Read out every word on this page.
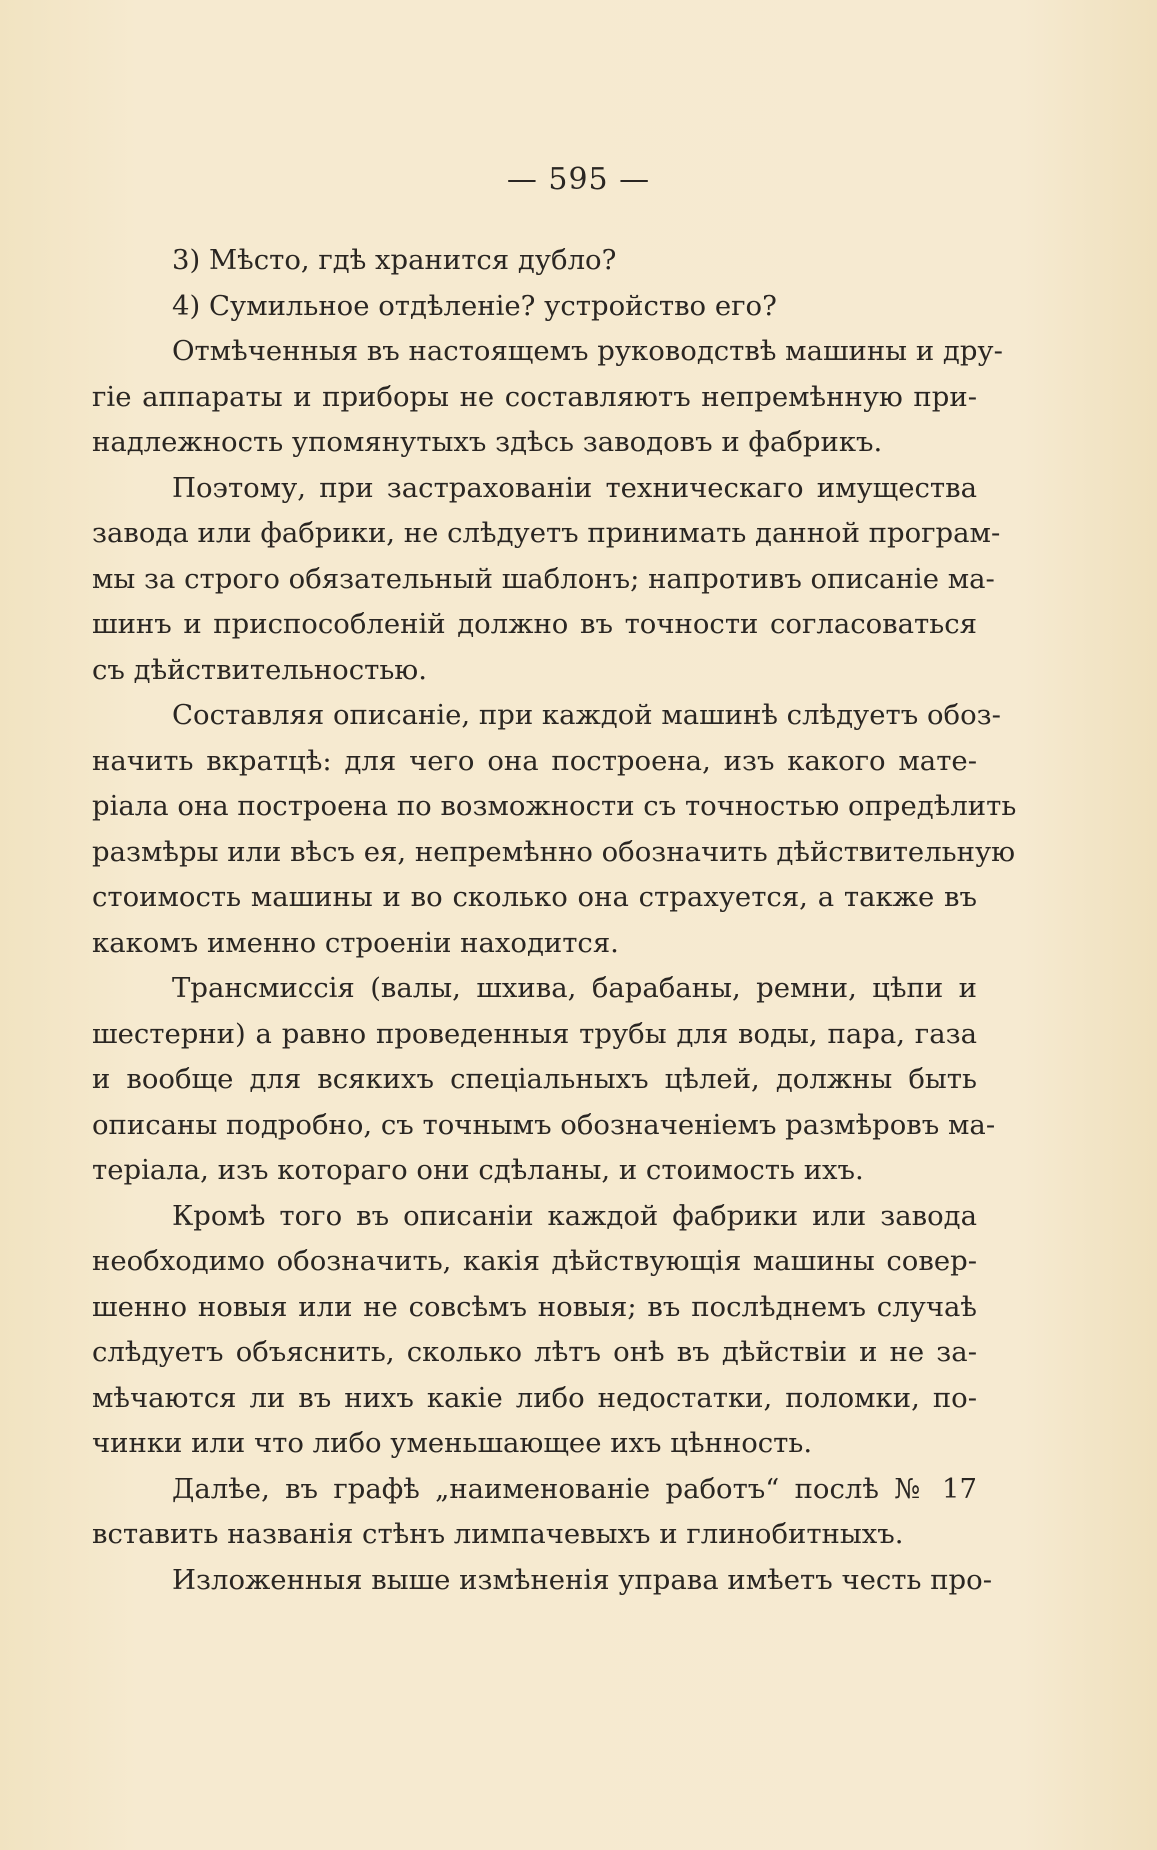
— 595 —
3) Мѣсто, гдѣ хранится дубло?
4) Сумильное отдѣленіе? устройство его?
Отмѣченныя въ настоящемъ руководствѣ машины и дру-
гіе аппараты и приборы не составляютъ непремѣнную при-
надлежность упомянутыхъ здѣсь заводовъ и фабрикъ.
Поэтому, при застрахованіи техническаго имущества
завода или фабрики, не слѣдуетъ принимать данной програм-
мы за строго обязательный шаблонъ; напротивъ описаніе ма-
шинъ и приспособленій должно въ точности согласоваться
съ дѣйствительностью.
Составляя описаніе, при каждой машинѣ слѣдуетъ обоз-
начить вкратцѣ: для чего она построена, изъ какого мате-
ріала она построена по возможности съ точностью опредѣлить
размѣры или вѣсъ ея, непремѣнно обозначить дѣйствительную
стоимость машины и во сколько она страхуется, а также въ
какомъ именно строеніи находится.
Трансмиссія (валы, шхива, барабаны, ремни, цѣпи и
шестерни) а равно проведенныя трубы для воды, пара, газа
и вообще для всякихъ спеціальныхъ цѣлей, должны быть
описаны подробно, съ точнымъ обозначеніемъ размѣровъ ма-
теріала, изъ котораго они сдѣланы, и стоимость ихъ.
Кромѣ того въ описаніи каждой фабрики или завода
необходимо обозначить, какія дѣйствующія машины совер-
шенно новыя или не совсѣмъ новыя; въ послѣднемъ случаѣ
слѣдуетъ объяснить, сколько лѣтъ онѣ въ дѣйствіи и не за-
мѣчаются ли въ нихъ какіе либо недостатки, поломки, по-
чинки или что либо уменьшающее ихъ цѣнность.
Далѣе, въ графѣ „наименованіе работъ“ послѣ № 17
вставить названія стѣнъ лимпачевыхъ и глинобитныхъ.
Изложенныя выше измѣненія управа имѣетъ честь про-
